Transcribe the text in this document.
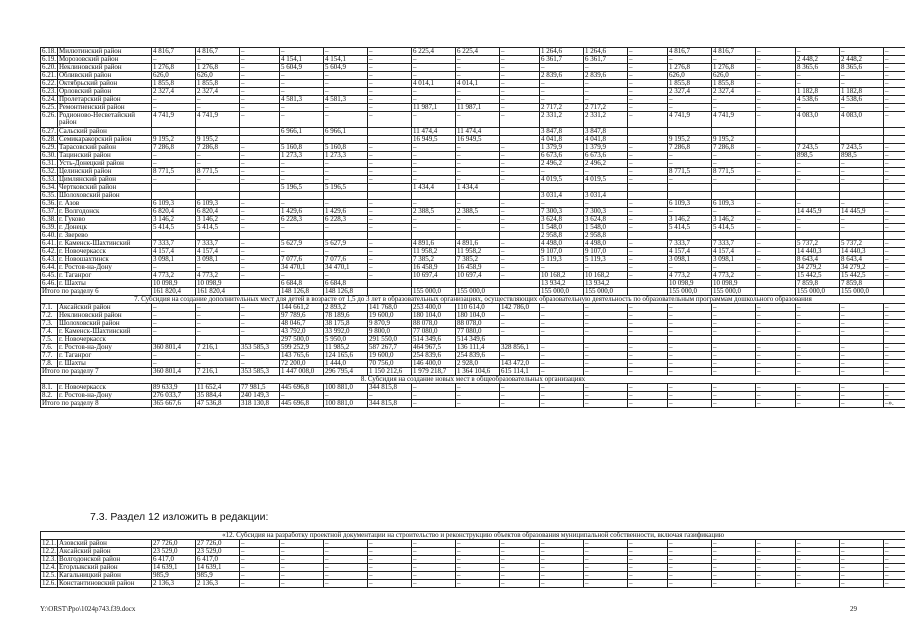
6.18.	Милютинский район	4 816,7	4 816,7	–	–	–	–	6 225,4	6 225,4	–	1 264,6	1 264,6	–	4 816,7	4 816,7	–	–	–	–
6.19.	Морозовский район	–	–	–	4 154,1	4 154,1	–	–	–	–	6 361,7	6 361,7	–	–	–	–	2 448,2	2 448,2	–
6.20.	Неклиновский район	1 276,8	1 276,8	–	5 604,9	5 604,9	–	–	–	–	–	–	–	1 276,8	1 276,8	–	8 365,6	8 365,6	–
6.21.	Обливский район	626,0	626,0	–	–	–	–	–	–	–	2 839,6	2 839,6	–	626,0	626,0	–	–	–	–
6.22.	Октябрьский район	1 855,8	1 855,8	–	–	–	–	4 014,1	4 014,1	–	–	–	–	1 855,8	1 855,8	–	–	–	–
6.23.	Орловский район	2 327,4	2 327,4	–	–	–	–	–	–	–	–	–	–	2 327,4	2 327,4	–	1 182,8	1 182,8	–
6.24.	Пролетарский район	–	–	–	4 581,3	4 581,3	–	–	–	–	–	–	–	–	–	–	4 538,6	4 538,6	–
6.25.	Ремонтненский район	–	–	–	–	–	–	11 987,1	11 987,1	–	2 717,2	2 717,2	–	–	–	–	–	–	–
6.26.	Родионово-Несветайский район	4 741,9	4 741,9	–	–	–	–	–	–	–	2 331,2	2 331,2	–	4 741,9	4 741,9	–	4 083,0	4 083,0	–
6.27.	Сальский район				6 966,1	6 966,1		11 474,4	11 474,4		3 847,8	3 847,8							
6.28.	Семикаракорский район	9 195,2	9 195,2					16 949,5	16 949,5		4 041,8	4 041,8		9 195,2	9 195,2				
6.29.	Тарасовский район	7 286,8	7 286,8	–	5 160,8	5 160,8	–	–	–	–	1 379,9	1 379,9	–	7 286,8	7 286,8	–	7 243,5	7 243,5	–
6.30.	Тацинский район	–	–	–	1 273,3	1 273,3	–	–	–	–	6 673,6	6 673,6	–	–	–	–	898,5	898,5	–
6.31.	Усть-Донецкий район	–	–	–	–	–	–	–	–	–	2 496,2	2 496,2	–	–	–	–	–	–	–
6.32.	Целинский район	8 771,5	8 771,5	–	–	–	–	–	–	–	–	–	–	8 771,5	8 771,5	–	–	–	–
6.33.	Цимлянский район	–	–	–	–	–	–	–	–	–	4 019,5	4 019,5	–	–	–	–	–	–	–
6.34.	Чертковский район				5 196,5	5 196,5		1 434,4	1 434,4										
6.35.	Шолоховский район										3 031,4	3 031,4							
6.36.	г. Азов	6 109,3	6 109,3	–	–	–	–	–	–	–	–	–	–	6 109,3	6 109,3	–	–	–	–
6.37.	г. Волгодонск	6 820,4	6 820,4	–	1 429,6	1 429,6	–	2 388,5	2 388,5	–	7 300,3	7 300,3	–	–	–	–	14 445,9	14 445,9	–
6.38.	г. Гуково	3 146,2	3 146,2	–	6 228,3	6 228,3	–	–	–	–	3 624,8	3 624,8	–	3 146,2	3 146,2	–	–	–	–
6.39.	г. Донецк	5 414,5	5 414,5	–	–	–	–	–	–	–	1 548,0	1 548,0	–	5 414,5	5 414,5	–	–	–	–
6.40.	г. Зверево										2 958,8	2 958,8							
6.41.	г. Каменск-Шахтинский	7 333,7	7 333,7	–	5 627,9	5 627,9	–	4 891,6	4 891,6	–	4 498,0	4 498,0	–	7 333,7	7 333,7	–	5 737,2	5 737,2	–
6.42.	г. Новочеркасск	4 157,4	4 157,4	–	–	–	–	11 958,2	11 958,2	–	9 107,0	9 107,0	–	4 157,4	4 157,4	–	14 440,3	14 440,3	–
6.43.	г. Новошахтинск	3 098,1	3 098,1	–	7 077,6	7 077,6	–	7 385,2	7 385,2	–	5 119,3	5 119,3	–	3 098,1	3 098,1	–	8 643,4	8 643,4	–
6.44.	г. Ростов-на-Дону	–	–	–	34 470,1	34 470,1	–	16 458,9	16 458,9	–	–	–	–	–	–	–	34 279,2	34 279,2	–
6.45.	г. Таганрог	4 773,2	4 773,2	–	–	–	–	10 697,4	10 697,4	–	10 168,2	10 168,2	–	4 773,2	4 773,2	–	15 442,5	15 442,5	–
6.46.	г. Шахты	10 098,9	10 098,9		6 684,8	6 684,8					13 934,2	13 934,2		10 098,9	10 098,9		7 859,8	7 859,8	
Итого по разделу 6		161 820,4	161 820,4		148 126,8	148 126,8		155 000,0	155 000,0		155 000,0	155 000,0		155 000,0	155 000,0		155 000,0	155 000,0	
7. Субсидия на создание дополнительных мест для детей в возрасте от 1,5 до 3 лет в образовательных организациях, осуществляющих образовательную деятельность по образовательным программам дошкольного образования																			
7.1.	Аксайский район	–	–	–	144 661,2	2 893,2	141 768,0	253 400,0	110 614,0	142 786,0	–	–	–	–	–	–	–	–	–
7.2.	Неклиновский район	–	–	–	97 789,6	78 189,6	19 600,0	180 104,0	180 104,0	–	–	–	–	–	–	–	–	–	–
7.3.	Шолоховский район	–	–	–	48 046,7	38 175,8	9 870,9	88 078,0	88 078,0	–	–	–	–	–	–	–	–	–	–
7.4.	г. Каменск-Шахтинский	–	–	–	43 792,0	33 992,0	9 800,0	77 080,0	77 080,0	–	–	–	–	–	–	–	–	–	–
7.5.	г. Новочеркасск				297 500,0	5 950,0	291 550,0	514 349,6	514 349,6										
7.6.	г. Ростов-на-Дону	360 801,4	7 216,1	353 585,3	599 252,9	11 985,2	587 267,7	464 967,5	136 111,4	328 856,1	–	–	–	–	–	–	–	–	–
7.7.	г. Таганрог	–	–	–	143 765,6	124 165,6	19 600,0	254 839,6	254 839,6	–	–	–	–	–	–	–	–	–	–
7.8.	г. Шахты	–	–	–	72 200,0	1 444,0	70 756,0	146 400,0	2 928,0	143 472,0	–	–	–	–	–	–	–	–	–
Итого по разделу 7		360 801,4	7 216,1	353 585,3	1 447 008,0	296 795,4	1 150 212,6	1 979 218,7	1 364 104,6	615 114,1	–	–	–	–	–	–	–	–	–
8. Субсидия на создание новых мест в общеобразовательных организациях																			
8.1.	г. Новочеркасск	89 633,9	11 652,4	77 981,5	445 696,8	100 881,0	344 815,8	–	–	–	–	–	–	–	–	–	–	–	–
8.2.	г. Ростов-на-Дону	276 033,7	35 884,4	240 149,3	–	–	–	–	–	–	–	–	–	–	–	–	–	–	–
Итого по разделу 8		365 667,6	47 536,8	318 130,8	445 696,8	100 881,0	344 815,8	–	–	–	–	–	–	–	–	–	–	–	–».
7.3. Раздел 12 изложить в редакции:
«12. Субсидия на разработку проектной документации на строительство и реконструкцию объектов образования муниципальной собственности, включая газификацию																			
12.1.	Азовский район	27 726,0	27 726,0	–	–	–	–	–	–	–	–	–	–	–	–	–	–	–	–
12.2.	Аксайский район	23 529,0	23 529,0	–	–	–	–	–	–	–	–	–	–	–	–	–	–	–	–
12.3.	Волгодонской район	6 417,0	6 417,0	–	–	–	–	–	–	–	–	–	–	–	–	–	–	–	–
12.4.	Егорлыкский район	14 639,1	14 639,1	–	–	–	–	–	–	–	–	–	–	–	–	–	–	–	–
12.5.	Кагальницкий район	985,9	985,9	–	–	–	–	–	–	–	–	–	–	–	–	–	–	–	–
12.6.	Константиновский район	2 136,3	2 136,3	–	–	–	–	–	–	–	–	–	–	–	–	–	–	–	–
Y:\ORST\Ppo\1024p743.f39.docx	29
